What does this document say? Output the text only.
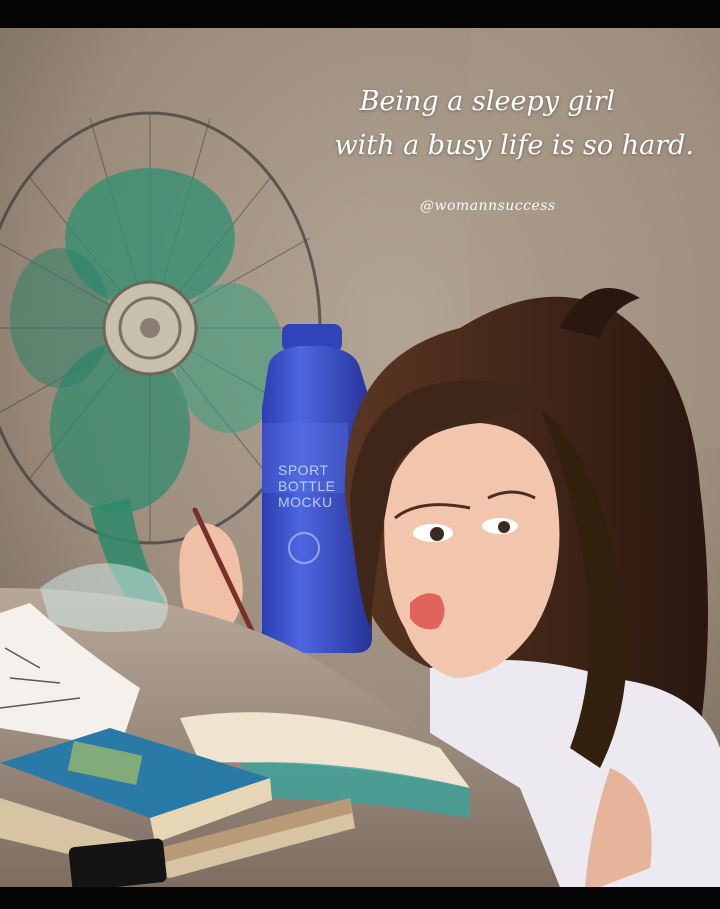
SPORT
BOTTLE
MOCKU
Being a sleepy girl
with a busy life is so hard.
@womannsuccess
